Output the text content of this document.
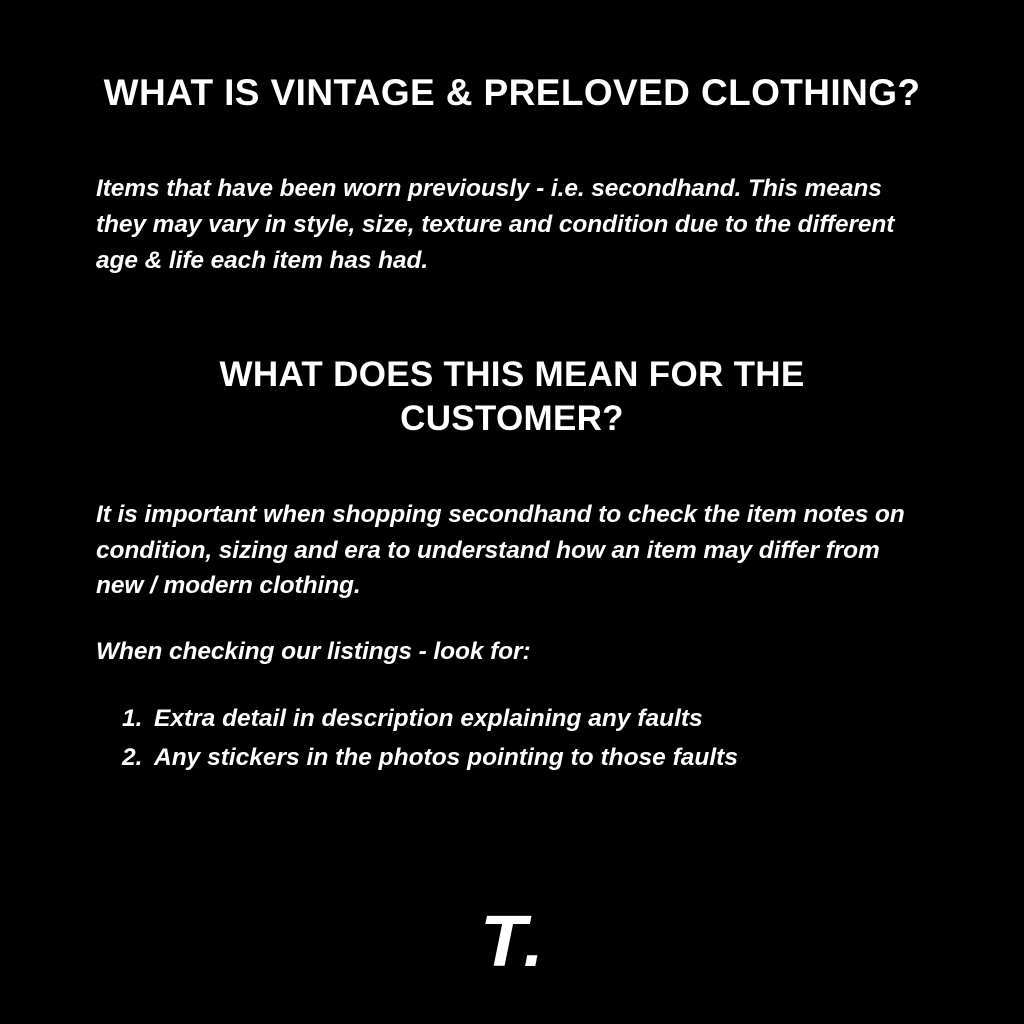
WHAT IS VINTAGE & PRELOVED CLOTHING?

Items that have been worn previously - i.e. secondhand. This means they may vary in style, size, texture and condition due to the different age & life each item has had.

WHAT DOES THIS MEAN FOR THE CUSTOMER?

It is important when shopping secondhand to check the item notes on condition, sizing and era to understand how an item may differ from new / modern clothing.

When checking our listings - look for:

Extra detail in description explaining any faults
Any stickers in the photos pointing to those faults
T .
